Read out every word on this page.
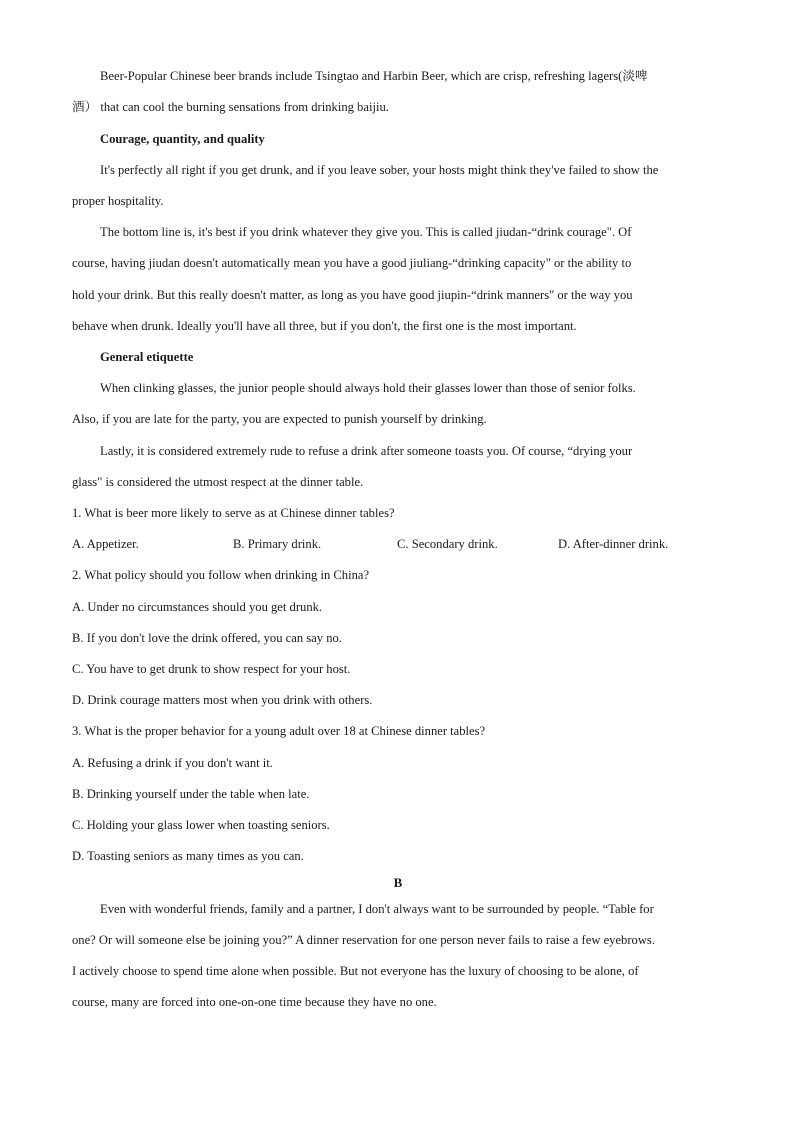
Beer-Popular Chinese beer brands include Tsingtao and Harbin Beer, which are crisp, refreshing lagers(淡啤
酒） that can cool the burning sensations from drinking baijiu.
Courage, quantity, and quality
It's perfectly all right if you get drunk, and if you leave sober, your hosts might think they've failed to show the
proper hospitality.
The bottom line is, it's best if you drink whatever they give you. This is called jiudan-“drink courage". Of
course, having jiudan doesn't automatically mean you have a good jiuliang-“drinking capacity" or the ability to
hold your drink. But this really doesn't matter, as long as you have good jiupin-“drink manners" or the way you
behave when drunk. Ideally you'll have all three, but if you don't, the first one is the most important.
General etiquette
When clinking glasses, the junior people should always hold their glasses lower than those of senior folks.
Also, if you are late for the party, you are expected to punish yourself by drinking.
Lastly, it is considered extremely rude to refuse a drink after someone toasts you. Of course, “drying your
glass" is considered the utmost respect at the dinner table.
1. What is beer more likely to serve as at Chinese dinner tables?
A. Appetizer.	B. Primary drink.	C. Secondary drink.	D. After-dinner drink.
2. What policy should you follow when drinking in China?
A. Under no circumstances should you get drunk.
B. If you don't love the drink offered, you can say no.
C. You have to get drunk to show respect for your host.
D. Drink courage matters most when you drink with others.
3. What is the proper behavior for a young adult over 18 at Chinese dinner tables?
A. Refusing a drink if you don't want it.
B. Drinking yourself under the table when late.
C. Holding your glass lower when toasting seniors.
D. Toasting seniors as many times as you can.
B
Even with wonderful friends, family and a partner, I don't always want to be surrounded by people. “Table for
one? Or will someone else be joining you?” A dinner reservation for one person never fails to raise a few eyebrows.
I actively choose to spend time alone when possible. But not everyone has the luxury of choosing to be alone, of
course, many are forced into one-on-one time because they have no one.
